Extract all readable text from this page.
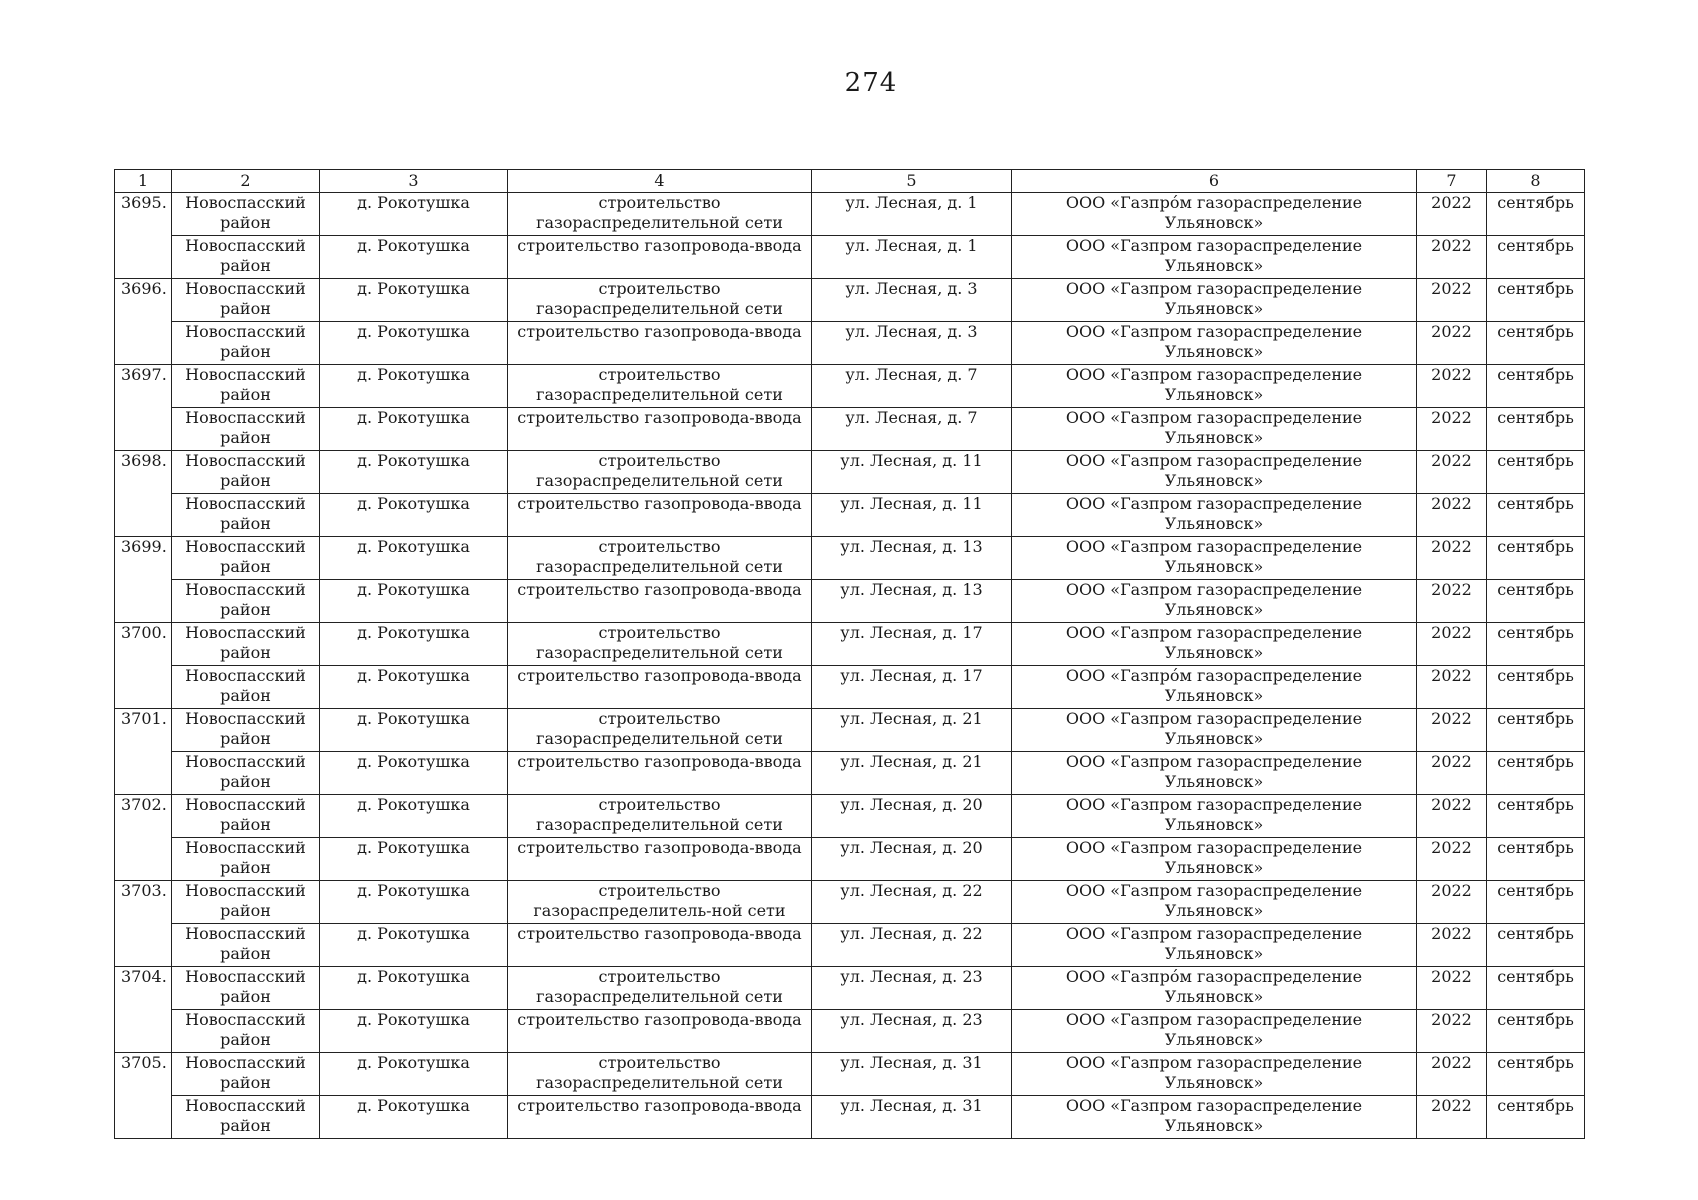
274
1	2	3	4	5	6	7	8
3695.	Новоспасский район	д. Рокотушка	строительство газораспределительной сети	ул. Лесная, д. 1	ООО «Газпро́м газораспределение Ульяновск»	2022	сентябрь
	Новоспасский район	д. Рокотушка	строительство газопровода-ввода	ул. Лесная, д. 1	ООО «Газпром газораспределение Ульяновск»	2022	сентябрь
3696.	Новоспасский район	д. Рокотушка	строительство газораспределительной сети	ул. Лесная, д. 3	ООО «Газпром газораспределение Ульяновск»	2022	сентябрь
	Новоспасский район	д. Рокотушка	строительство газопровода-ввода	ул. Лесная, д. 3	ООО «Газпром газораспределение Ульяновск»	2022	сентябрь
3697.	Новоспасский район	д. Рокотушка	строительство газораспределительной сети	ул. Лесная, д. 7	ООО «Газпром газораспределение Ульяновск»	2022	сентябрь
	Новоспасский район	д. Рокотушка	строительство газопровода-ввода	ул. Лесная, д. 7	ООО «Газпром газораспределение Ульяновск»	2022	сентябрь
3698.	Новоспасский район	д. Рокотушка	строительство газораспределительной сети	ул. Лесная, д. 11	ООО «Газпром газораспределение Ульяновск»	2022	сентябрь
	Новоспасский район	д. Рокотушка	строительство газопровода-ввода	ул. Лесная, д. 11	ООО «Газпром газораспределение Ульяновск»	2022	сентябрь
3699.	Новоспасский район	д. Рокотушка	строительство газораспределительной сети	ул. Лесная, д. 13	ООО «Газпром газораспределение Ульяновск»	2022	сентябрь
	Новоспасский район	д. Рокотушка	строительство газопровода-ввода	ул. Лесная, д. 13	ООО «Газпром газораспределение Ульяновск»	2022	сентябрь
3700.	Новоспасский район	д. Рокотушка	строительство газораспределительной сети	ул. Лесная, д. 17	ООО «Газпром газораспределение Ульяновск»	2022	сентябрь
	Новоспасский район	д. Рокотушка	строительство газопровода-ввода	ул. Лесная, д. 17	ООО «Газпро́м газораспределение Ульяновск»	2022	сентябрь
3701.	Новоспасский район	д. Рокотушка	строительство газораспределительной сети	ул. Лесная, д. 21	ООО «Газпром газораспределение Ульяновск»	2022	сентябрь
	Новоспасский район	д. Рокотушка	строительство газопровода-ввода	ул. Лесная, д. 21	ООО «Газпром газораспределение Ульяновск»	2022	сентябрь
3702.	Новоспасский район	д. Рокотушка	строительство газораспределительной сети	ул. Лесная, д. 20	ООО «Газпром газораспределение Ульяновск»	2022	сентябрь
	Новоспасский район	д. Рокотушка	строительство газопровода-ввода	ул. Лесная, д. 20	ООО «Газпром газораспределение Ульяновск»	2022	сентябрь
3703.	Новоспасский район	д. Рокотушка	строительство газораспределитель-ной сети	ул. Лесная, д. 22	ООО «Газпром газораспределение Ульяновск»	2022	сентябрь
	Новоспасский район	д. Рокотушка	строительство газопровода-ввода	ул. Лесная, д. 22	ООО «Газпром газораспределение Ульяновск»	2022	сентябрь
3704.	Новоспасский район	д. Рокотушка	строительство газораспределительной сети	ул. Лесная, д. 23	ООО «Газпро́м газораспределение Ульяновск»	2022	сентябрь
	Новоспасский район	д. Рокотушка	строительство газопровода-ввода	ул. Лесная, д. 23	ООО «Газпром газораспределение Ульяновск»	2022	сентябрь
3705.	Новоспасский район	д. Рокотушка	строительство газораспределительной сети	ул. Лесная, д. 31	ООО «Газпром газораспределение Ульяновск»	2022	сентябрь
	Новоспасский район	д. Рокотушка	строительство газопровода-ввода	ул. Лесная, д. 31	ООО «Газпром газораспределение Ульяновск»	2022	сентябрь
